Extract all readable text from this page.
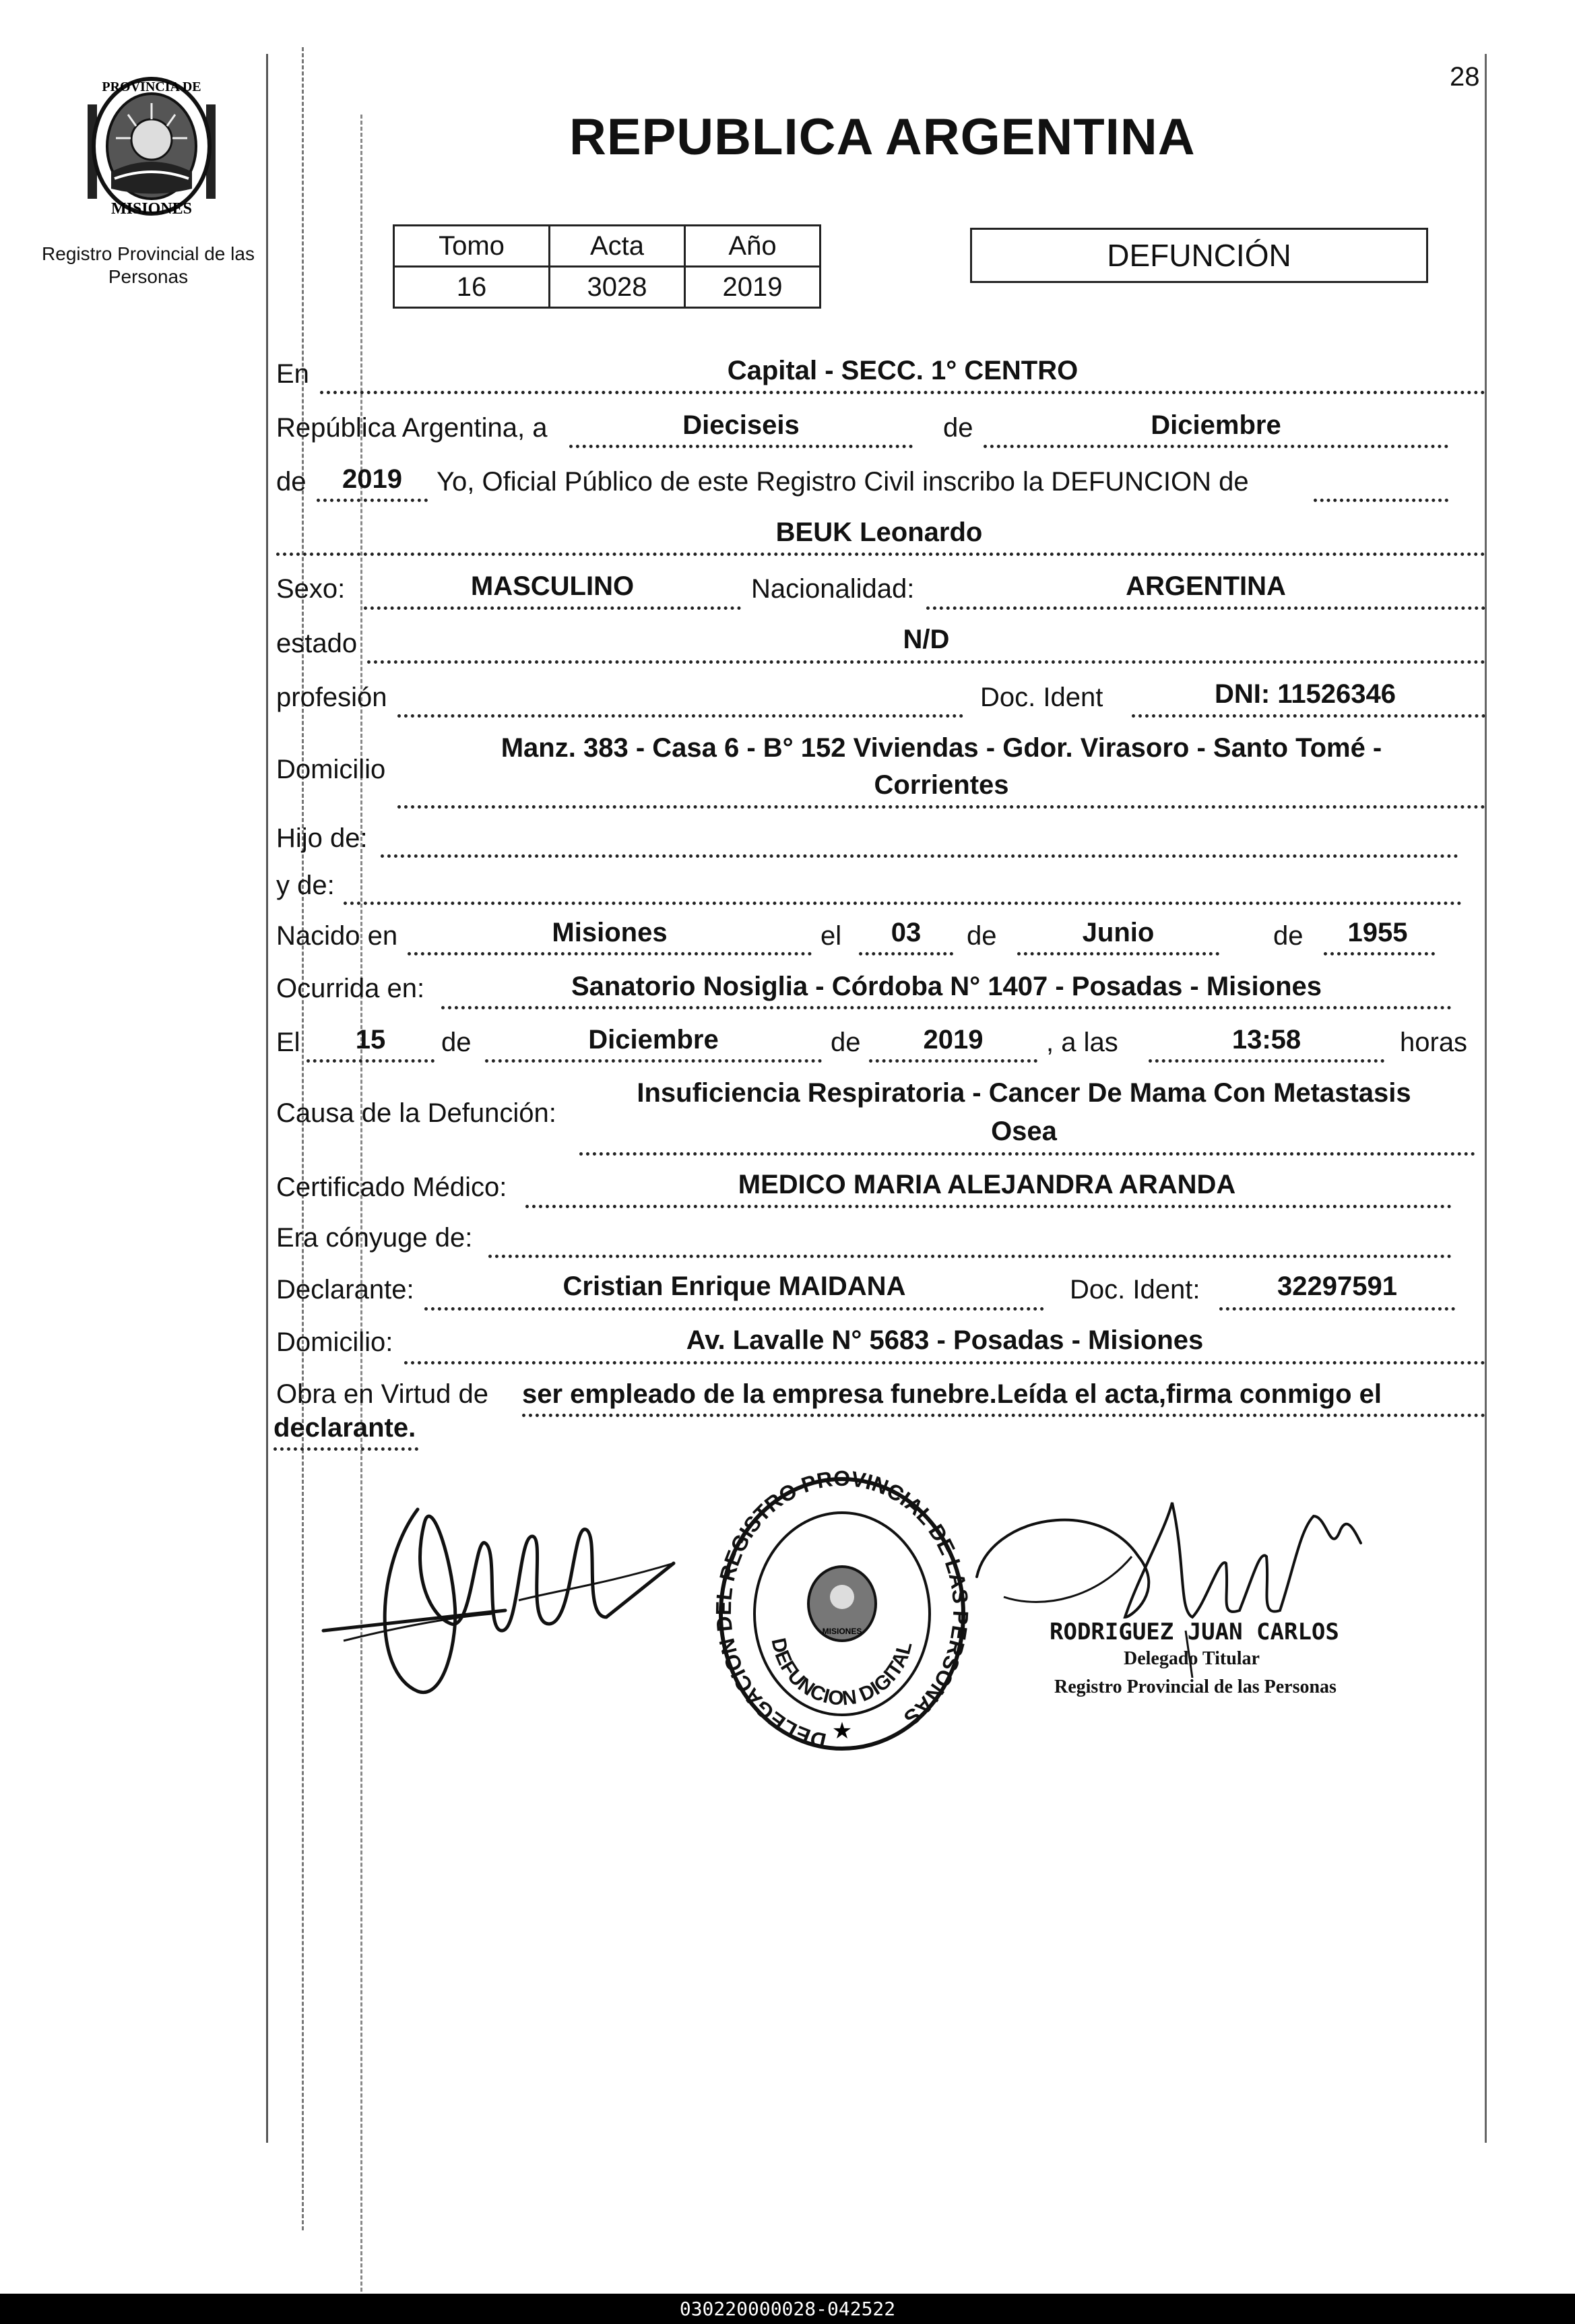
28
PROVINCIA DE
MISIONES
Registro Provincial de las Personas
REPUBLICA ARGENTINA
Tomo	Acta	Año
16	3028	2019
DEFUNCIÓN
En	Capital - SECC. 1° CENTRO
República Argentina, a	Dieciseis	de	Diciembre
de	2019	Yo, Oficial Público de este Registro Civil inscribo la DEFUNCION de
BEUK Leonardo
Sexo:	MASCULINO	Nacionalidad:	ARGENTINA
estado	N/D
profesión	Doc. Ident	DNI: 11526346
Domicilio
Manz. 383 - Casa 6 - B° 152 Viviendas - Gdor. Virasoro - Santo Tomé -
Corrientes
Hijo de:
y de:
Nacido en	Misiones	el	03	de	Junio	de	1955
Ocurrida en:	Sanatorio Nosiglia - Córdoba N° 1407 - Posadas - Misiones
El	15	de	Diciembre	de	2019	, a las	13:58	horas
Causa de la Defunción:
Insuficiencia Respiratoria - Cancer De Mama Con Metastasis
Osea
Certificado Médico:	MEDICO MARIA ALEJANDRA ARANDA
Era cónyuge de:
Declarante:	Cristian Enrique MAIDANA	Doc. Ident:	32297591
Domicilio:	Av. Lavalle N° 5683 - Posadas - Misiones
Obra en Virtud de ser empleado de la empresa funebre.Leída el acta,firma conmigo el
declarante.
DELEGACION DEL REGISTRO PROVINCIAL DE LAS PERSONAS
MISIONES
DEFUNCION DIGITAL
★
RODRIGUEZ JUAN CARLOS
Delegado Titular
Registro Provincial de las Personas
030220000028-042522
